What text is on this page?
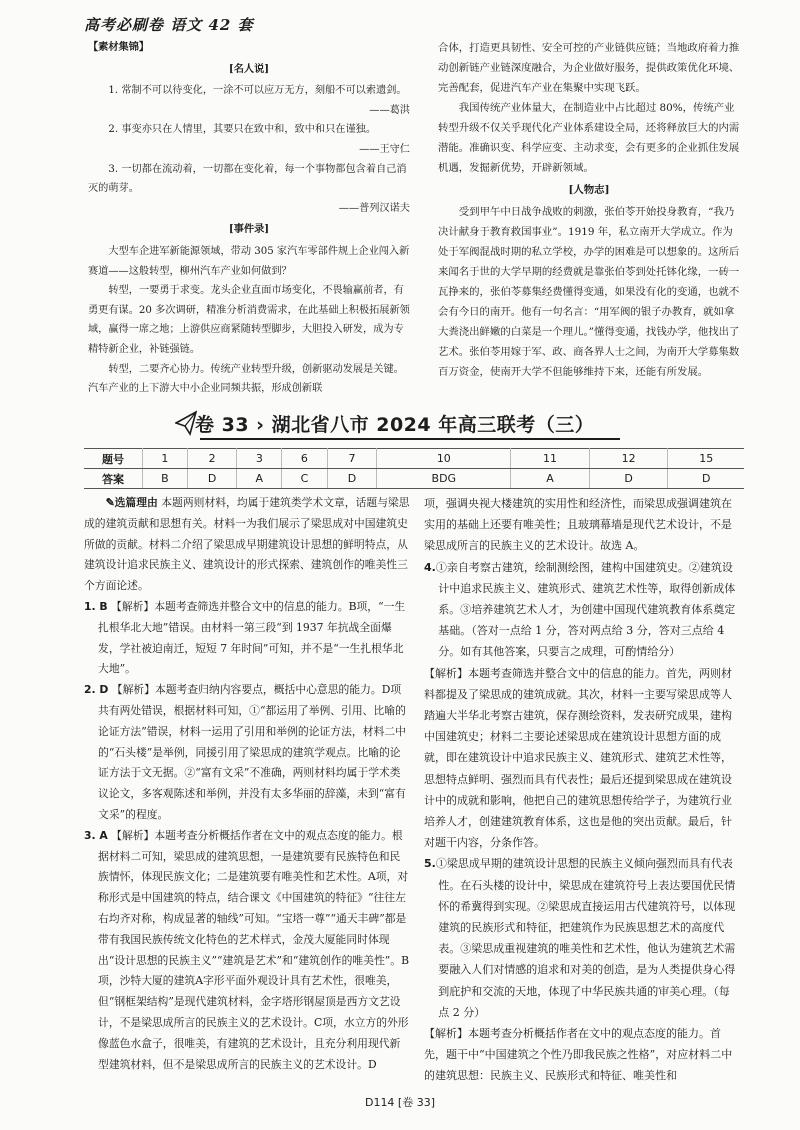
高考必刷卷 语文 42 套

【素材集锦】

[名人说]

1. 常制不可以待变化，一涂不可以应万无方，刻船不可以索遗剑。

——葛洪

2. 事变亦只在人情里，其要只在致中和，致中和只在谨独。

——王守仁

3. 一切都在流动着，一切都在变化着，每一个事物都包含着自己消灭的萌芽。

——普列汉诺夫

[事件录]

大型车企进军新能源领域，带动 305 家汽车零部件规上企业闯入新赛道——这般转型，柳州汽车产业如何做到？

转型，一要勇于求变。龙头企业直面市场变化，不畏输赢前者，有勇更有谋。20 多次调研，精准分析消费需求，在此基础上积极拓展新领域，赢得一席之地；上游供应商紧随转型脚步，大胆投入研发，成为专精特新企业，补链强链。

转型，二要齐心协力。传统产业转型升级，创新驱动发展是关键。汽车产业的上下游大中小企业同频共振，形成创新联

合体，打造更具韧性、安全可控的产业链供应链；当地政府着力推动创新链产业链深度融合，为企业做好服务，提供政策优化环境、完善配套，促进汽车产业在集聚中实现飞跃。

我国传统产业体量大，在制造业中占比超过 80%，传统产业转型升级不仅关乎现代化产业体系建设全局，还将释放巨大的内需潜能。准确识变、科学应变、主动求变，会有更多的企业抓住发展机遇，发掘新优势，开辟新领域。

[人物志]

受到甲午中日战争战败的刺激，张伯苓开始投身教育，“我乃决计献身于教育救国事业”。1919 年，私立南开大学成立。作为处于军阀混战时期的私立学校，办学的困难是可以想象的。这所后来闻名于世的大学早期的经费就是靠张伯苓到处托钵化缘，一砖一瓦挣来的，张伯苓募集经费懂得变通，如果没有化的变通，也就不会有今日的南开。他有一句名言：“用军阀的银子办教育，就如拿大粪浇出鲜嫩的白菜是一个理儿。”懂得变通，找钱办学，他找出了艺术。张伯苓用嫁于军、政、商各界人士之间，为南开大学募集数百万资金，使南开大学不但能够维持下来，还能有所发展。

卷 33 › 湖北省八市 2024 年高三联考（三）
题号	1	2	3	6	7	10	11	12	15
答案	B	D	A	C	D	BDG	A	D	D

✎选篇理由 本题两则材料，均属于建筑类学术文章，话题与梁思成的建筑贡献和思想有关。材料一为我们展示了梁思成对中国建筑史所做的贡献。材料二介绍了梁思成早期建筑设计思想的鲜明特点，从建筑设计追求民族主义、建筑设计的形式探索、建筑创作的唯美性三个方面论述。

1. B 【解析】本题考查筛选并整合文中的信息的能力。B项，“一生扎根华北大地”错误。由材料一第三段“到 1937 年抗战全面爆发，学社被迫南迁，短短 7 年时间”可知，并不是“一生扎根华北大地”。

2. D 【解析】本题考查归纳内容要点，概括中心意思的能力。D项共有两处错误，根据材料可知，①“都运用了举例、引用、比喻的论证方法”错误，材料一运用了引用和举例的论证方法，材料二中的“石头楼”是举例，同援引用了梁思成的建筑学观点。比喻的论证方法于文无据。②“富有文采”不准确，两则材料均属于学术类议论文，多客观陈述和举例，并没有太多华丽的辞藻，未到“富有文采”的程度。

3. A 【解析】本题考查分析概括作者在文中的观点态度的能力。根据材料二可知，梁思成的建筑思想，一是建筑要有民族特色和民族情怀，体现民族文化；二是建筑要有唯美性和艺术性。A项，对称形式是中国建筑的特点，结合课文《中国建筑的特征》“往往左右均齐对称，构成显著的轴线”可知。“宝塔一尊”“通天丰碑”都是带有我国民族传统文化特色的艺术样式，金茂大厦能同时体现出“设计思想的民族主义”“建筑是艺术”和“建筑创作的唯美性”。B项，沙特大厦的建筑A字形平面外观设计具有艺术性，很唯美，但“钢框架结构”是现代建筑材料，金字塔形钢屋顶是西方文艺设计，不是梁思成所言的民族主义的艺术设计。C项，水立方的外形像蓝色水盒子，很唯美，有建筑的艺术设计，且充分利用现代新型建筑材料，但不是梁思成所言的民族主义的艺术设计。D

项，强调央视大楼建筑的实用性和经济性，而梁思成强调建筑在实用的基础上还要有唯美性；且玻璃幕墙是现代艺术设计，不是梁思成所言的民族主义的艺术设计。故选 A。

4.①亲自考察古建筑，绘制测绘图，建构中国建筑史。②建筑设计中追求民族主义、建筑形式、建筑艺术性等，取得创新成体系。③培养建筑艺术人才，为创建中国现代建筑教育体系奠定基础。（答对一点给 1 分，答对两点给 3 分，答对三点给 4 分。如有其他答案，只要言之成理，可酌情给分）

【解析】本题考查筛选并整合文中的信息的能力。首先，两则材料都提及了梁思成的建筑成就。其次，材料一主要写梁思成等人踏遍大半华北考察古建筑，保存测绘资料，发表研究成果，建构中国建筑史；材料二主要论述梁思成在建筑设计思想方面的成就，即在建筑设计中追求民族主义、建筑形式、建筑艺术性等，思想特点鲜明、强烈而具有代表性；最后还提到梁思成在建筑设计中的成就和影响，他把自己的建筑思想传给学子，为建筑行业培养人才，创建建筑教育体系，这也是他的突出贡献。最后，针对题干内容，分条作答。

5.①梁思成早期的建筑设计思想的民族主义倾向强烈而具有代表性。在石头楼的设计中，梁思成在建筑符号上表达要国优民情怀的希冀得到实现。②梁思成直接运用古代建筑符号，以体现建筑的民族形式和特征，把建筑作为民族思想艺术的高度代表。③梁思成重视建筑的唯美性和艺术性，他认为建筑艺术需要融入人们对情感的追求和对美的创造，是为人类提供身心得到庇护和交流的天地，体现了中华民族共通的审美心理。（每点 2 分）

【解析】本题考查分析概括作者在文中的观点态度的能力。首先，题干中“中国建筑之个性乃即我民族之性格”，对应材料二中的建筑思想：民族主义、民族形式和特征、唯美性和

D114 [卷 33]
